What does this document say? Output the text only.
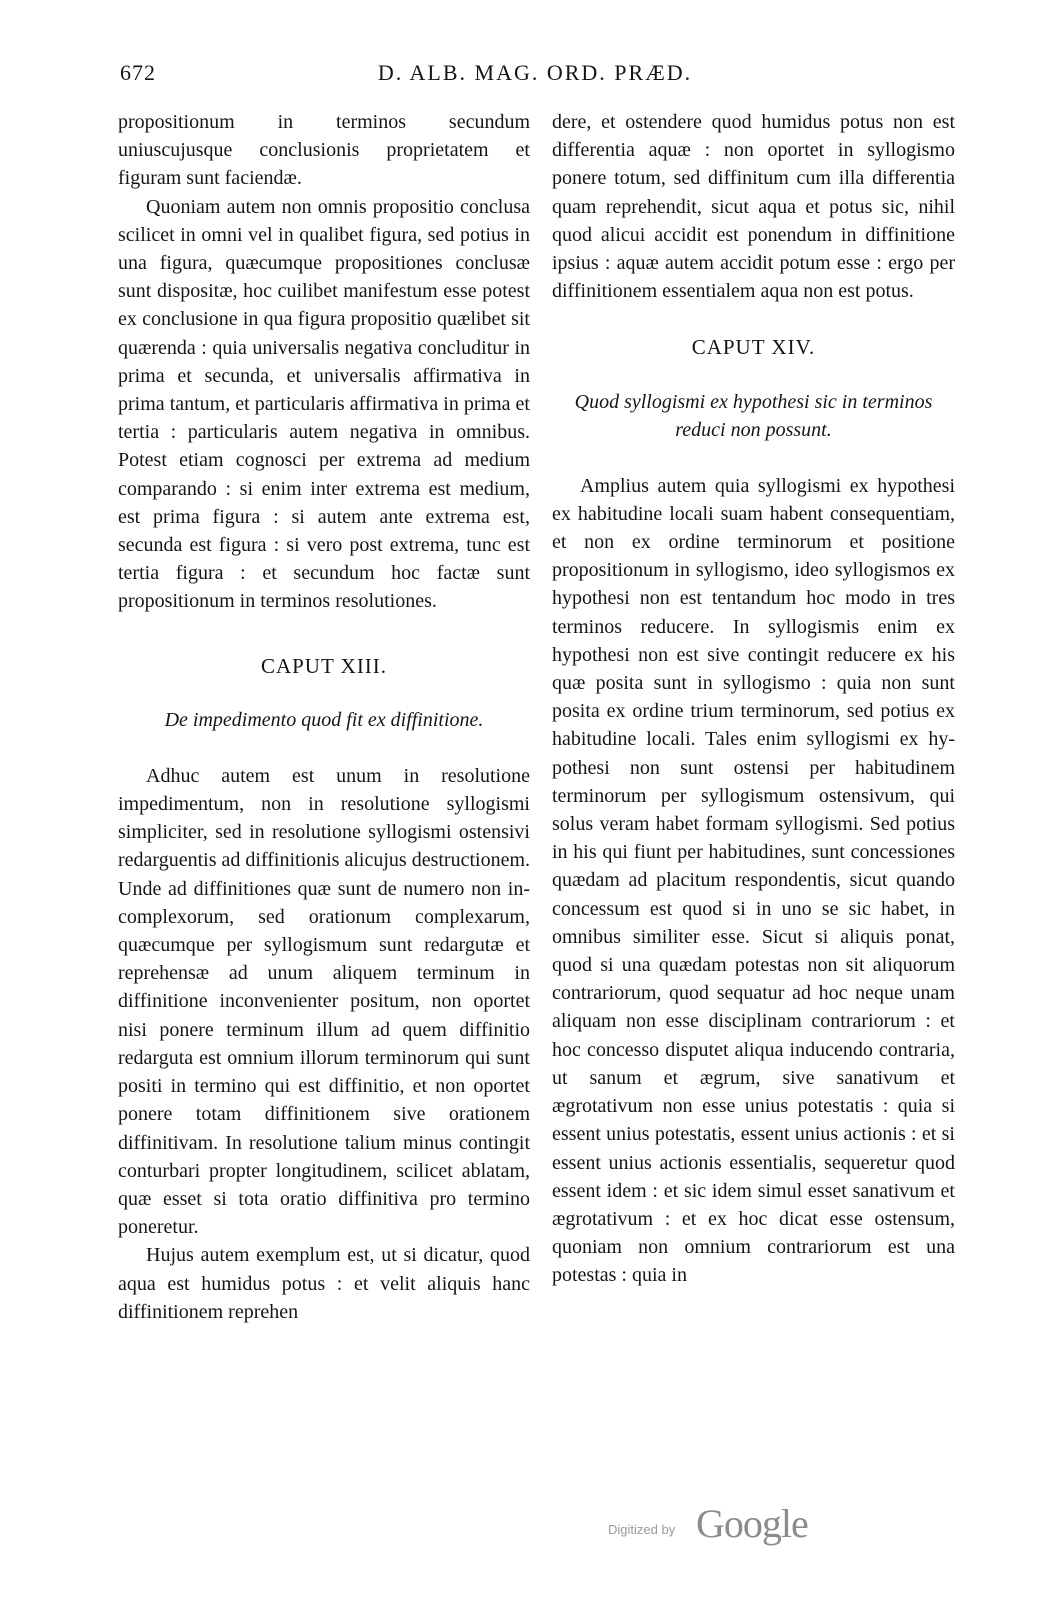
672	D. ALB. MAG. ORD. PRÆD.

propositionum in terminos secundum uniuscujusque conclusionis proprietatem et figuram sunt faciendæ.

Quoniam autem non omnis propositio conclusa scilicet in omni vel in qualibet figura, sed potius in una figura, quæcumque propositiones conclusæ sunt dispositæ, hoc cuilibet manifestum esse potest ex conclusione in qua figura propositio quælibet sit quærenda : quia universalis negativa concluditur in prima et secunda, et universalis affirmativa in prima tantum, et particularis affirmativa in prima et tertia : particularis autem negativa in omnibus. Potest etiam cognosci per extrema ad medium comparando : si enim inter extrema est medium, est prima figura : si autem ante extrema est, secunda est figura : si vero post extrema, tunc est tertia figura : et secundum hoc factæ sunt propositionum in terminos resolutiones.

CAPUT XIII.
De impedimento quod fit ex diffinitione.

Adhuc autem est unum in resolutione impedimentum, non in resolutione syllogismi simpliciter, sed in resolutione syllogismi ostensivi redarguentis ad diffinitionis alicujus destructionem. Unde ad diffinitiones quæ sunt de numero non incomplexorum, sed orationum complexarum, quæcumque per syllogismum sunt redargutæ et reprehensæ ad unum aliquem terminum in diffinitione inconvenienter positum, non oportet nisi ponere terminum illum ad quem diffinitio redarguta est omnium illorum terminorum qui sunt positi in termino qui est diffinitio, et non oportet ponere totam diffinitionem sive orationem diffinitivam. In resolutione talium minus contingit conturbari propter longitudinem, scilicet ablatam, quæ esset si tota oratio diffinitiva pro termino poneretur.

Hujus autem exemplum est, ut si dicatur, quod aqua est humidus potus : et velit aliquis hanc diffinitionem reprehen

dere, et ostendere quod humidus potus non est differentia aquæ : non oportet in syllogismo ponere totum, sed diffinitum cum illa differentia quam reprehendit, sicut aqua et potus sic, nihil quod alicui accidit est ponendum in diffinitione ipsius : aquæ autem accidit potum esse : ergo per diffinitionem essentialem aqua non est potus.

CAPUT XIV.
Quod syllogismi ex hypothesi sic in terminos reduci non possunt.

Amplius autem quia syllogismi ex hypothesi ex habitudine locali suam habent consequentiam, et non ex ordine terminorum et positione propositionum in syllogismo, ideo syllogismos ex hypothesi non est tentandum hoc modo in tres terminos reducere. In syllogismis enim ex hypothesi non est sive contingit reducere ex his quæ posita sunt in syllogismo : quia non sunt posita ex ordine trium terminorum, sed potius ex habitudine locali. Tales enim syllogismi ex hypothesi non sunt ostensi per habitudinem terminorum per syllogismum ostensivum, qui solus veram habet formam syllogismi. Sed potius in his qui fiunt per habitudines, sunt concessiones quædam ad placitum respondentis, sicut quando concessum est quod si in uno se sic habet, in omnibus similiter esse. Sicut si aliquis ponat, quod si una quædam potestas non sit aliquorum contrariorum, quod sequatur ad hoc neque unam aliquam non esse disciplinam contrariorum : et hoc concesso disputet aliqua inducendo contraria, ut sanum et ægrum, sive sanativum et ægrotativum non esse unius potestatis : quia si essent unius potestatis, essent unius actionis : et si essent unius actionis essentialis, sequeretur quod essent idem : et sic idem simul esset sanativum et ægrotativum : et ex hoc dicat esse ostensum, quoniam non omnium contrariorum est una potestas : quia in

Digitized by Google
